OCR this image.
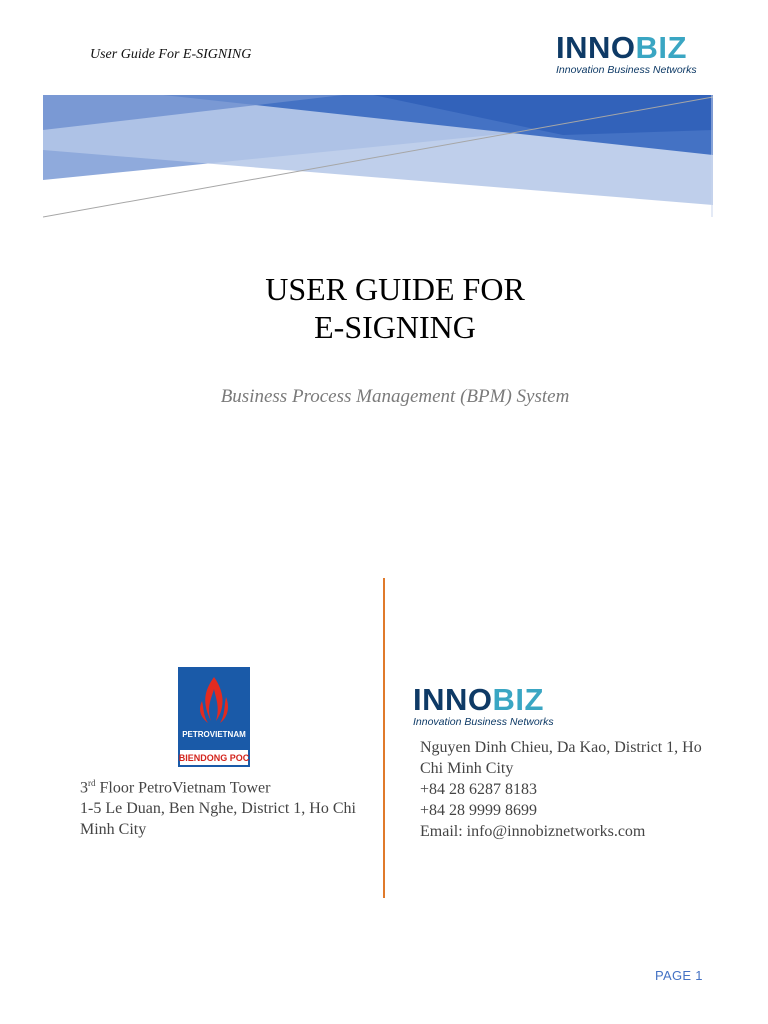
User Guide For E-SIGNING	INNOBIZ
Innovation Business Networks
USER GUIDE FOR
E-SIGNING
Business Process Management (BPM) System
PETROVIETNAM
BIENDONG POC
3rd Floor PetroVietnam Tower
1-5 Le Duan, Ben Nghe, District 1, Ho Chi Minh City
INNOBIZ
Innovation Business Networks
Nguyen Dinh Chieu, Da Kao, District 1, Ho Chi Minh City
+84 28 6287 8183
+84 28 9999 8699
Email: info@innobiznetworks.com
PAGE 1
